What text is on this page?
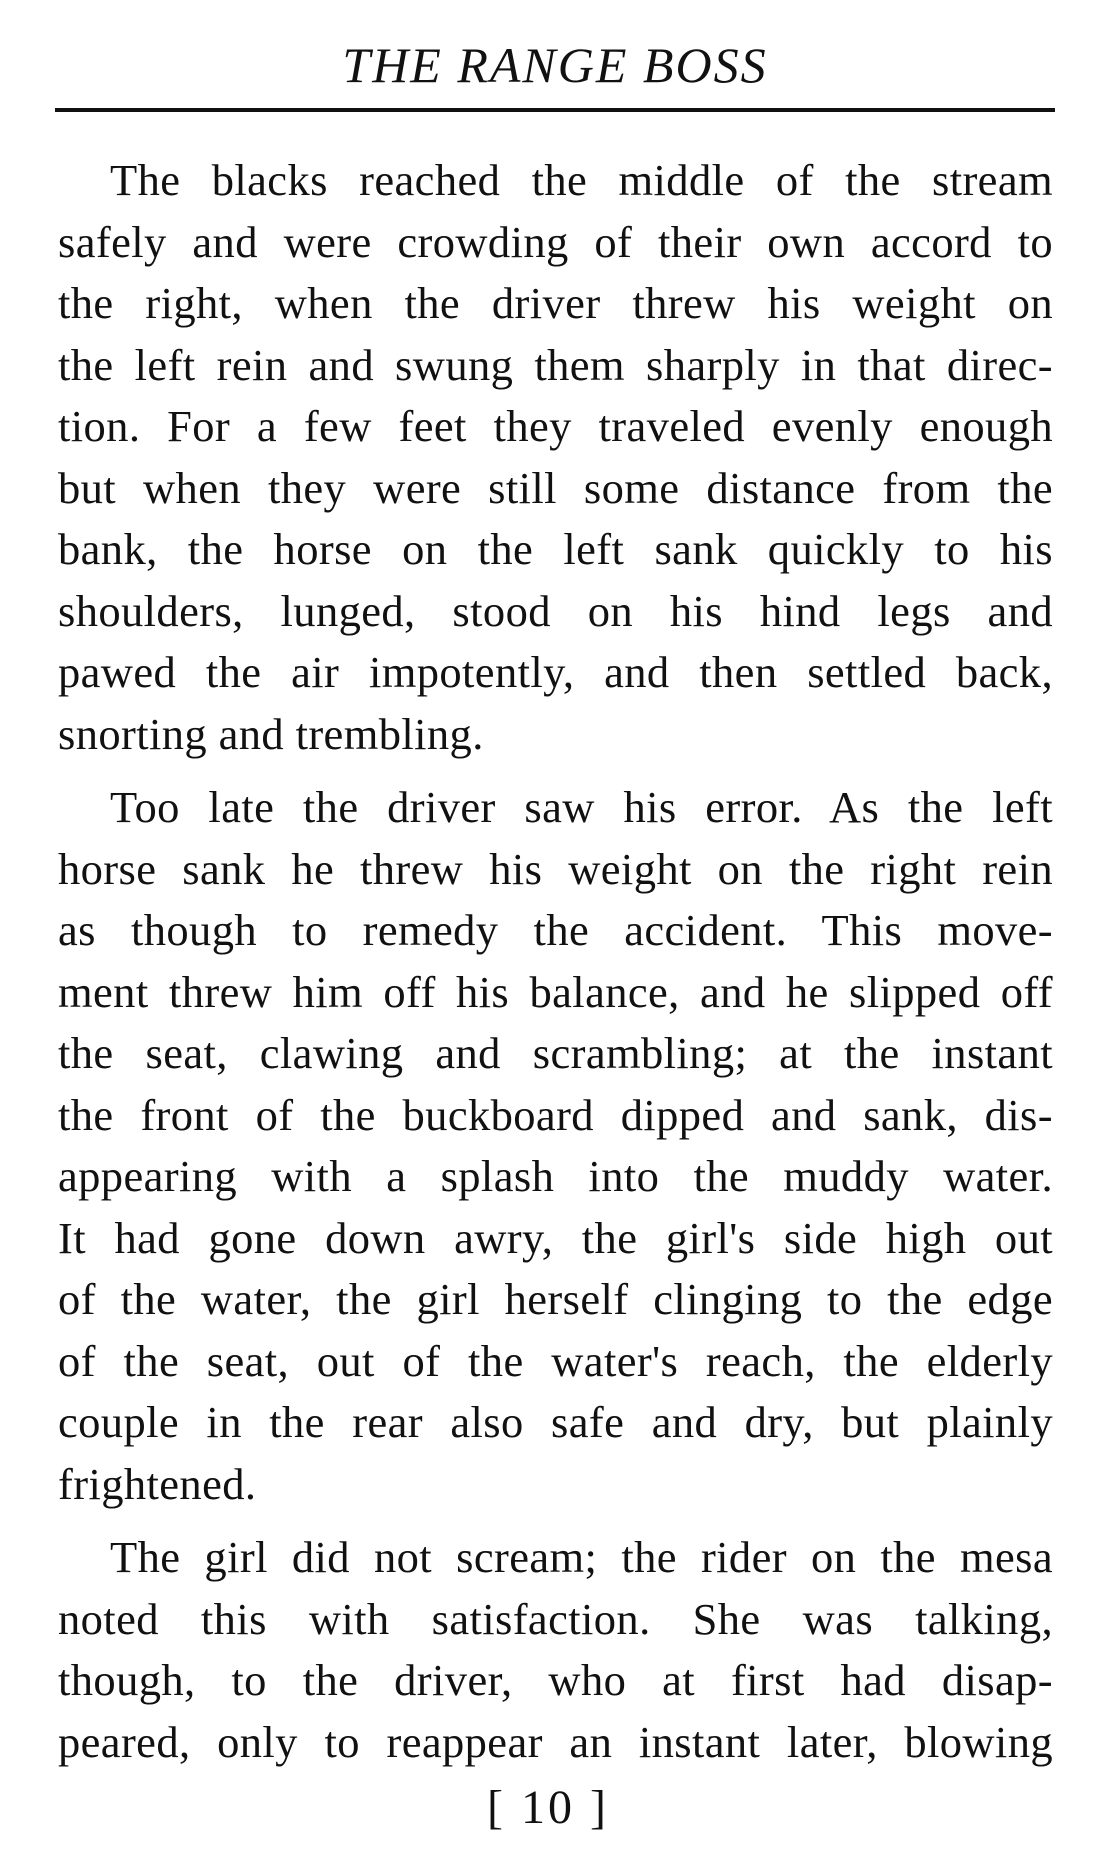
THE RANGE BOSS
The blacks reached the middle of the stream
safely and were crowding of their own accord to
the right, when the driver threw his weight on
the left rein and swung them sharply in that direc-
tion. For a few feet they traveled evenly enough
but when they were still some distance from the
bank, the horse on the left sank quickly to his
shoulders, lunged, stood on his hind legs and
pawed the air impotently, and then settled back,
snorting and trembling.
Too late the driver saw his error. As the left
horse sank he threw his weight on the right rein
as though to remedy the accident. This move-
ment threw him off his balance, and he slipped off
the seat, clawing and scrambling; at the instant
the front of the buckboard dipped and sank, dis-
appearing with a splash into the muddy water.
It had gone down awry, the girl's side high out
of the water, the girl herself clinging to the edge
of the seat, out of the water's reach, the elderly
couple in the rear also safe and dry, but plainly
frightened.
The girl did not scream; the rider on the mesa
noted this with satisfaction. She was talking,
though, to the driver, who at first had disap-
peared, only to reappear an instant later, blowing
[ 10 ]
